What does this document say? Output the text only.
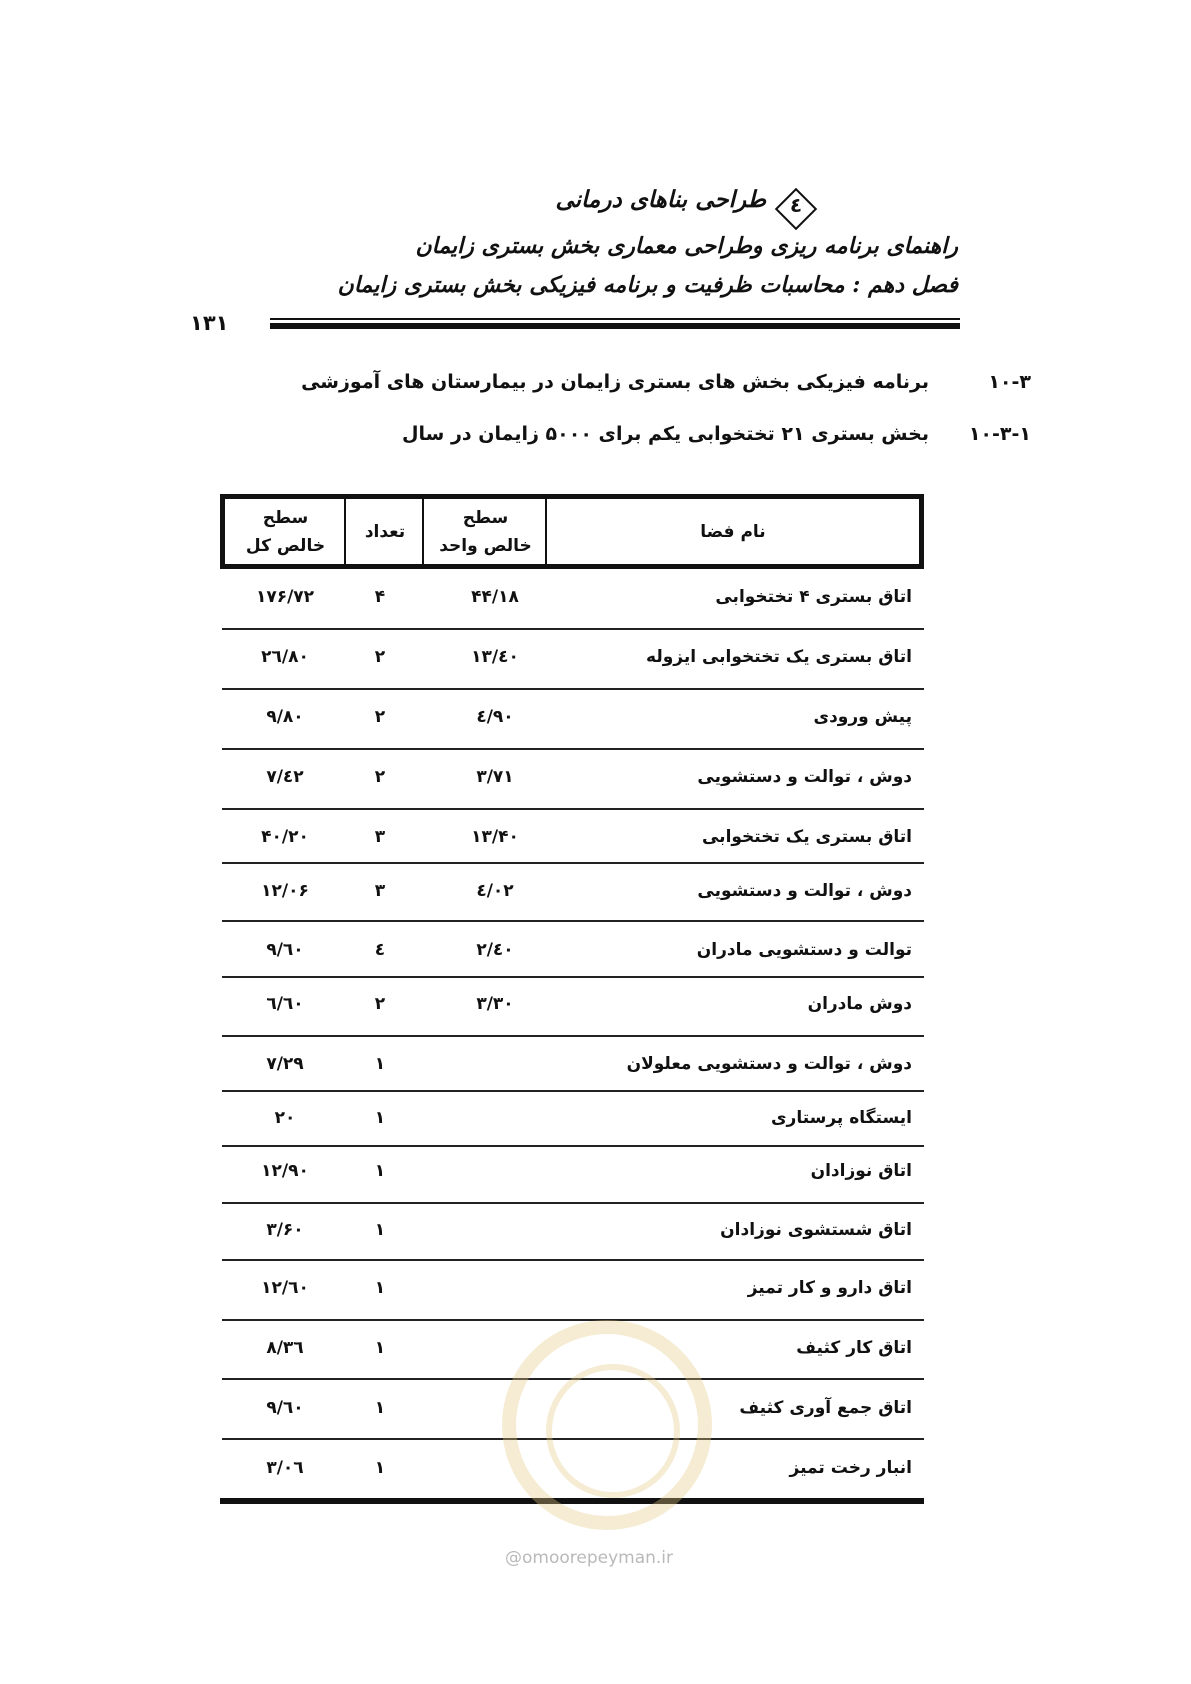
٤
طراحی بناهای درمانی
راهنمای برنامه ریزی وطراحی معماری بخش بستری زایمان
فصل دهم : محاسبات ظرفیت و برنامه فیزیکی بخش بستری زایمان
۱۳۱
۱۰-۳
برنامه فیزیکی بخش های بستری زایمان در بیمارستان های آموزشی
۱۰-۳-۱
بخش بستری ۲۱ تختخوابی یکم برای ۵۰۰۰ زایمان در سال
سطح
خالص کل
تعداد
سطح
خالص واحد
نام فضا
اتاق بستری ۴ تختخوابی
۴۴/۱۸
۴
۱۷۶/۷۲
اتاق بستری یک تختخوابی ایزوله
۱۳/٤۰
۲
۲٦/۸۰
پیش ورودی
٤/۹۰
۲
۹/۸۰
دوش ، توالت و دستشویی
۳/۷۱
۲
۷/٤۲
اتاق بستری یک تختخوابی
۱۳/۴۰
۳
۴۰/۲۰
دوش ، توالت و دستشویی
٤/۰۲
۳
۱۲/۰۶
توالت و دستشویی مادران
۲/٤۰
٤
۹/٦۰
دوش مادران
۳/۳۰
۲
٦/٦۰
دوش ، توالت و دستشویی معلولان
۱
۷/۲۹
ایستگاه پرستاری
۱
۲۰
اتاق نوزادان
۱
۱۲/۹۰
اتاق شستشوی نوزادان
۱
۳/۶۰
اتاق دارو و کار تمیز
۱
۱۲/٦۰
اتاق کار کثیف
۱
۸/۳٦
اتاق جمع آوری کثیف
۱
۹/٦۰
انبار رخت تمیز
۱
۳/۰٦
@omoorepeyman.ir
